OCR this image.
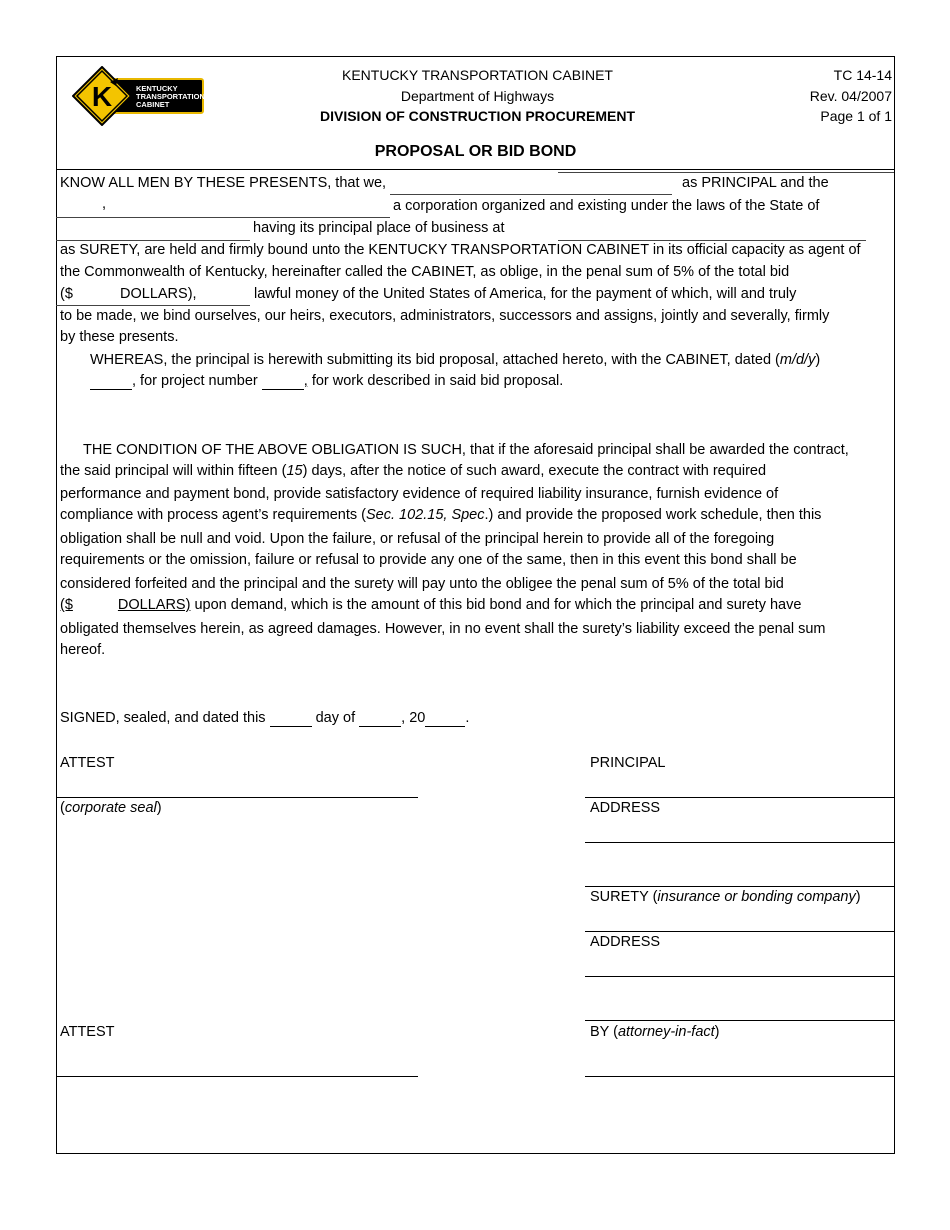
K	KENTUCKY
TRANSPORTATION
CABINET
KENTUCKY TRANSPORTATION CABINET
Department of Highways
DIVISION OF CONSTRUCTION PROCUREMENT
TC 14-14
Rev. 04/2007
Page 1 of 1
PROPOSAL OR BID BOND
KNOW ALL MEN BY THESE PRESENTS, that we,	as PRINCIPAL and the
,	a corporation organized and existing under the laws of the State of
having its principal place of business at
as SURETY, are held and firmly bound unto the KENTUCKY TRANSPORTATION CABINET in its official capacity as agent of
the Commonwealth of Kentucky, hereinafter called the CABINET, as oblige, in the penal sum of 5% of the total bid
($	DOLLARS),	lawful money of the United States of America, for the payment of which, will and truly
to be made, we bind ourselves, our heirs, executors, administrators, successors and assigns, jointly and severally, firmly
by these presents.
WHEREAS, the principal is herewith submitting its bid proposal, attached hereto, with the CABINET, dated (m/d/y)
, for project number	, for work described in said bid proposal.
THE CONDITION OF THE ABOVE OBLIGATION IS SUCH, that if the aforesaid principal shall be awarded the contract,
the said principal will within fifteen (15) days, after the notice of such award, execute the contract with required
performance and payment bond, provide satisfactory evidence of required liability insurance, furnish evidence of
compliance with process agent’s requirements (Sec. 102.15, Spec.) and provide the proposed work schedule, then this
obligation shall be null and void. Upon the failure, or refusal of the principal herein to provide all of the foregoing
requirements or the omission, failure or refusal to provide any one of the same, then in this event this bond shall be
considered forfeited and the principal and the surety will pay unto the obligee the penal sum of 5% of the total bid
($	DOLLARS) upon demand, which is the amount of this bid bond and for which the principal and surety have
obligated themselves herein, as agreed damages. However, in no event shall the surety’s liability exceed the penal sum
hereof.
SIGNED, sealed, and dated this	day of	, 20	.
ATTEST
(corporate seal)
ATTEST
PRINCIPAL
ADDRESS
SURETY (insurance or bonding company)
ADDRESS
BY (attorney-in-fact)
